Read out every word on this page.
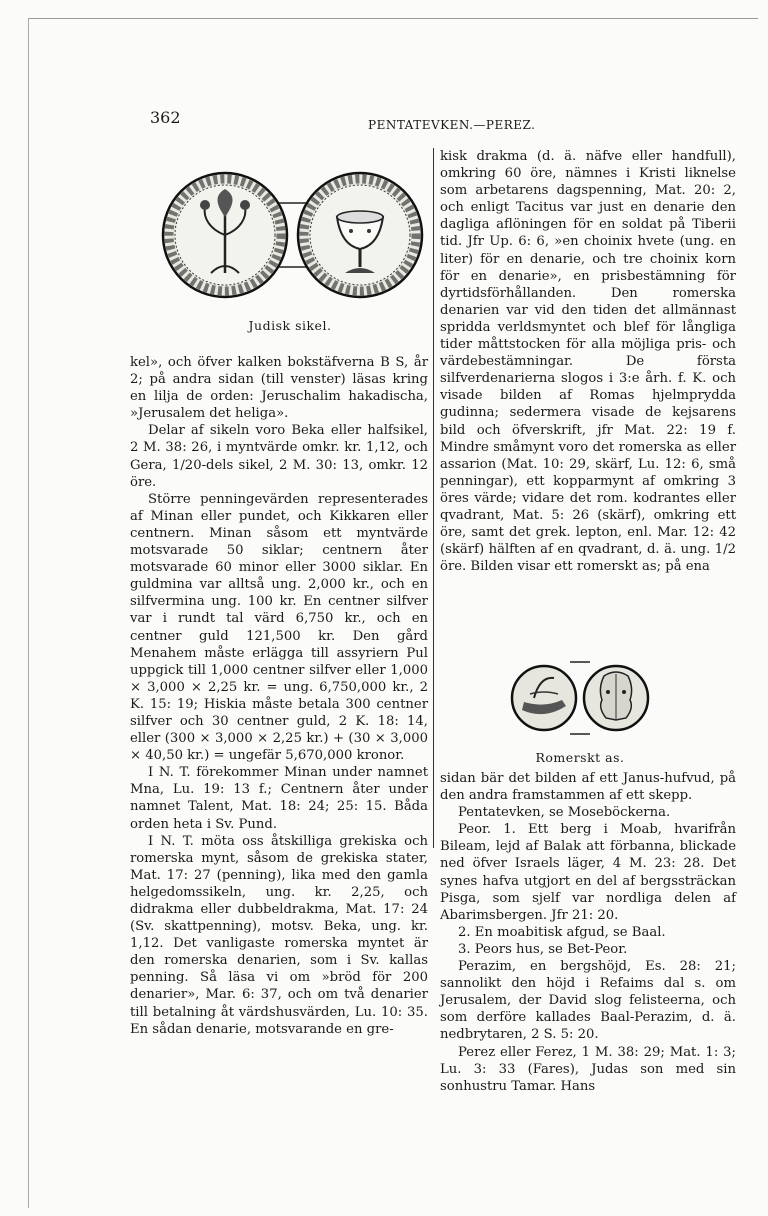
362	PENTATEVKEN.—PEREZ.
Judisk sikel.

kel», och öfver kalken bokstäfverna B S, år 2; på andra sidan (till venster) läsas kring en lilja de orden: Jeruschalim hakadischa, »Jerusalem det heliga».

Delar af sikeln voro Beka eller halfsikel, 2 M. 38: 26, i myntvärde omkr. kr. 1,12, och Gera, 1/20-dels sikel, 2 M. 30: 13, omkr. 12 öre.

Större penningevärden representerades af Minan eller pundet, och Kikkaren eller centnern. Minan såsom ett myntvärde motsvarade 50 siklar; centnern åter motsvarade 60 minor eller 3000 siklar. En guldmina var alltså ung. 2,000 kr., och en silfvermina ung. 100 kr. En centner silfver var i rundt tal värd 6,750 kr., och en centner guld 121,500 kr. Den gård Menahem måste erlägga till assyriern Pul uppgick till 1,000 centner silfver eller 1,000 × 3,000 × 2,25 kr. = ung. 6,750,000 kr., 2 K. 15: 19; Hiskia måste betala 300 centner silfver och 30 centner guld, 2 K. 18: 14, eller (300 × 3,000 × 2,25 kr.) + (30 × 3,000 × 40,50 kr.) = ungefär 5,670,000 kronor.

I N. T. förekommer Minan under namnet Mna, Lu. 19: 13 f.; Centnern åter under namnet Talent, Mat. 18: 24; 25: 15. Båda orden heta i Sv. Pund.

I N. T. möta oss åtskilliga grekiska och romerska mynt, såsom de grekiska stater, Mat. 17: 27 (penning), lika med den gamla helgedomssikeln, ung. kr. 2,25, och didrakma eller dubbeldrakma, Mat. 17: 24 (Sv. skattpenning), motsv. Beka, ung. kr. 1,12. Det vanligaste romerska myntet är den romerska denarien, som i Sv. kallas penning. Så läsa vi om »bröd för 200 denarier», Mar. 6: 37, och om två denarier till betalning åt värdshusvärden, Lu. 10: 35. En sådan denarie, motsvarande en gre-

kisk drakma (d. ä. näfve eller handfull), omkring 60 öre, nämnes i Kristi liknelse som arbetarens dagspenning, Mat. 20: 2, och enligt Tacitus var just en denarie den dagliga aflöningen för en soldat på Tiberii tid. Jfr Up. 6: 6, »en choinix hvete (ung. en liter) för en denarie, och tre choinix korn för en denarie», en prisbestämning för dyrtidsförhållanden. Den romerska denarien var vid den tiden det allmännast spridda verldsmyntet och blef för långliga tider måttstocken för alla möjliga pris- och värdebestämningar. De första silfverdenarierna slogos i 3:e årh. f. K. och visade bilden af Romas hjelmprydda gudinna; sedermera visade de kejsarens bild och öfverskrift, jfr Mat. 22: 19 f. Mindre småmynt voro det romerska as eller assarion (Mat. 10: 29, skärf, Lu. 12: 6, små penningar), ett kopparmynt af omkring 3 öres värde; vidare det rom. kodrantes eller qvadrant, Mat. 5: 26 (skärf), omkring ett öre, samt det grek. lepton, enl. Mar. 12: 42 (skärf) hälften af en qvadrant, d. ä. ung. 1/2 öre. Bilden visar ett romerskt as; på ena

Romerskt as.

sidan bär det bilden af ett Janus-hufvud, på den andra framstammen af ett skepp.

Pentatevken, se Moseböckerna.

Peor. 1. Ett berg i Moab, hvarifrån Bileam, lejd af Balak att förbanna, blickade ned öfver Israels läger, 4 M. 23: 28. Det synes hafva utgjort en del af bergssträckan Pisga, som sjelf var nordliga delen af Abarimsbergen. Jfr 21: 20.

2. En moabitisk afgud, se Baal.

3. Peors hus, se Bet-Peor.

Perazim, en bergshöjd, Es. 28: 21; sannolikt den höjd i Refaims dal s. om Jerusalem, der David slog felisteerna, och som derföre kallades Baal-Perazim, d. ä. nedbrytaren, 2 S. 5: 20.

Perez eller Ferez, 1 M. 38: 29; Mat. 1: 3; Lu. 3: 33 (Fares), Judas son med sin sonhustru Tamar. Hans
